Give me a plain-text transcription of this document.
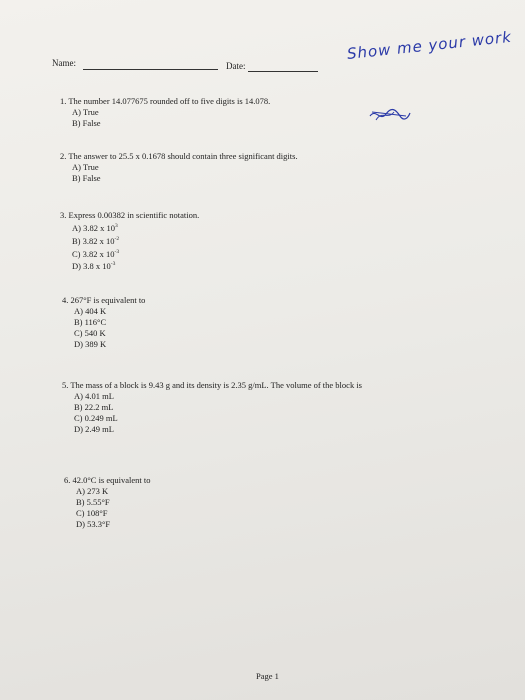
Name:	Date:
Show me your work
1. The number 14.077675 rounded off to five digits is 14.078.
A) True
B) False
2. The answer to 25.5 x 0.1678 should contain three significant digits.
A) True
B) False
3. Express 0.00382 in scientific notation.
A) 3.82 x $10^3$
B) 3.82 x $10^{-2}$
C) 3.82 x $10^{-3}$
D) 3.8 x $10^{-3}$
4. 267°F is equivalent to
A) 404 K
B) 116°C
C) 540 K
D) 389 K
5. The mass of a block is 9.43 g and its density is 2.35 g/mL. The volume of the block is
A) 4.01 mL
B) 22.2 mL
C) 0.249 mL
D) 2.49 mL
6. 42.0°C is equivalent to
A) 273 K
B) 5.55°F
C) 108°F
D) 53.3°F
Page 1
